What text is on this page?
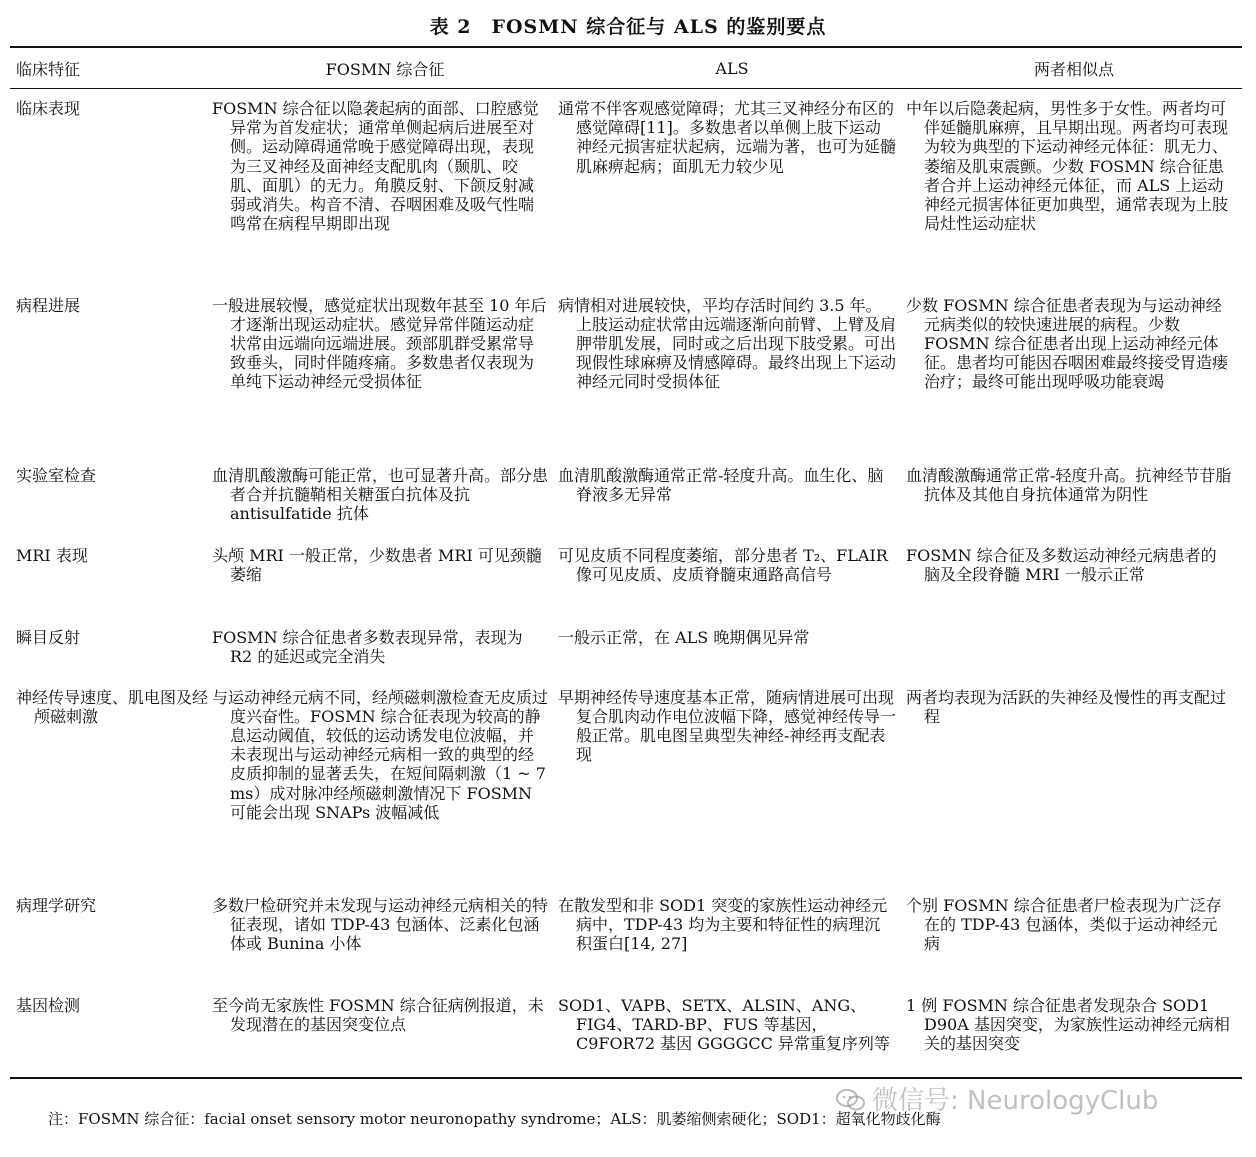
表 2　FOSMN 综合征与 ALS 的鉴别要点
临床特征	FOSMN 综合征	ALS	两者相似点

临床表现	FOSMN 综合征以隐袭起病的面部、口腔感觉异常为首发症状；通常单侧起病后进展至对侧。运动障碍通常晚于感觉障碍出现，表现为三叉神经及面神经支配肌肉（颞肌、咬肌、面肌）的无力。角膜反射、下颌反射减弱或消失。构音不清、吞咽困难及吸气性喘鸣常在病程早期即出现	通常不伴客观感觉障碍；尤其三叉神经分布区的感觉障碍[11]。多数患者以单侧上肢下运动神经元损害症状起病，远端为著，也可为延髓肌麻痹起病；面肌无力较少见	中年以后隐袭起病，男性多于女性。两者均可伴延髓肌麻痹，且早期出现。两者均可表现为较为典型的下运动神经元体征：肌无力、萎缩及肌束震颤。少数 FOSMN 综合征患者合并上运动神经元体征，而 ALS 上运动神经元损害体征更加典型，通常表现为上肢局灶性运动症状

病程进展	一般进展较慢，感觉症状出现数年甚至 10 年后才逐渐出现运动症状。感觉异常伴随运动症状常由远端向远端进展。颈部肌群受累常导致垂头，同时伴随疼痛。多数患者仅表现为单纯下运动神经元受损体征	病情相对进展较快，平均存活时间约 3.5 年。上肢运动症状常由远端逐渐向前臂、上臂及肩胛带肌发展，同时或之后出现下肢受累。可出现假性球麻痹及情感障碍。最终出现上下运动神经元同时受损体征	少数 FOSMN 综合征患者表现为与运动神经元病类似的较快速进展的病程。少数 FOSMN 综合征患者出现上运动神经元体征。患者均可能因吞咽困难最终接受胃造瘘治疗；最终可能出现呼吸功能衰竭

实验室检查	血清肌酸激酶可能正常，也可显著升高。部分患者合并抗髓鞘相关糖蛋白抗体及抗 antisulfatide 抗体	血清肌酸激酶通常正常-轻度升高。血生化、脑脊液多无异常	血清酸激酶通常正常-轻度升高。抗神经节苷脂抗体及其他自身抗体通常为阴性

MRI 表现	头颅 MRI 一般正常，少数患者 MRI 可见颈髓萎缩	可见皮质不同程度萎缩，部分患者 T₂、FLAIR 像可见皮质、皮质脊髓束通路高信号	FOSMN 综合征及多数运动神经元病患者的脑及全段脊髓 MRI 一般示正常

瞬目反射	FOSMN 综合征患者多数表现异常，表现为 R2 的延迟或完全消失	一般示正常，在 ALS 晚期偶见异常	

神经传导速度、肌电图及经颅磁刺激	与运动神经元病不同，经颅磁刺激检查无皮质过度兴奋性。FOSMN 综合征表现为较高的静息运动阈值，较低的运动诱发电位波幅，并未表现出与运动神经元病相一致的典型的经皮质抑制的显著丢失，在短间隔刺激（1 ~ 7 ms）成对脉冲经颅磁刺激情况下 FOSMN 可能会出现 SNAPs 波幅减低	早期神经传导速度基本正常，随病情进展可出现复合肌肉动作电位波幅下降，感觉神经传导一般正常。肌电图呈典型失神经-神经再支配表现	两者均表现为活跃的失神经及慢性的再支配过程

病理学研究	多数尸检研究并未发现与运动神经元病相关的特征表现，诸如 TDP-43 包涵体、泛素化包涵体或 Bunina 小体	在散发型和非 SOD1 突变的家族性运动神经元病中，TDP-43 均为主要和特征性的病理沉积蛋白[14, 27]	个别 FOSMN 综合征患者尸检表现为广泛存在的 TDP-43 包涵体，类似于运动神经元病

基因检测	至今尚无家族性 FOSMN 综合征病例报道，未发现潜在的基因突变位点	SOD1、VAPB、SETX、ALSIN、ANG、FIG4、TARD-BP、FUS 等基因，C9FOR72 基因 GGGGCC 异常重复序列等	1 例 FOSMN 综合征患者发现杂合 SOD1 D90A 基因突变，为家族性运动神经元病相关的基因突变
微信号: NeurologyClub
注：FOSMN 综合征：facial onset sensory motor neuronopathy syndrome；ALS：肌萎缩侧索硬化；SOD1：超氧化物歧化酶
